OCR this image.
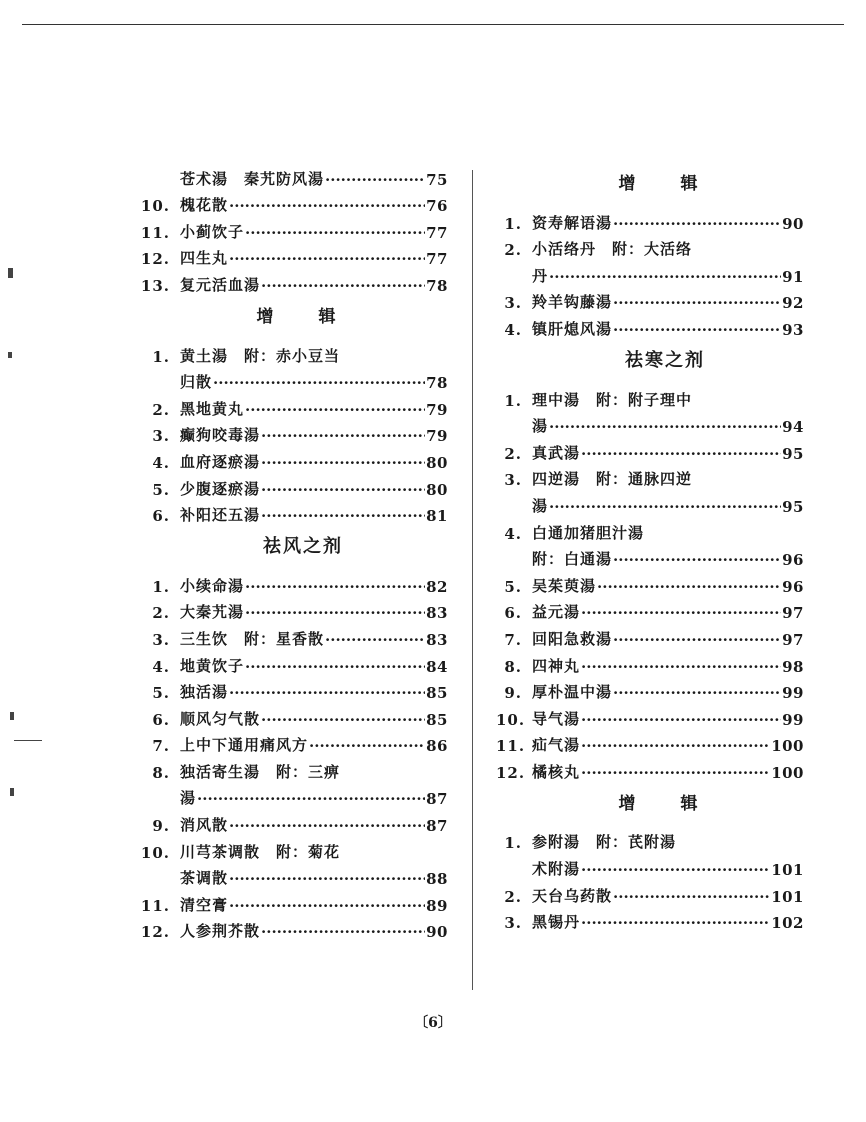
苍术湯　秦艽防风湯 ·····	75
10. 槐花散 ·····	76
11. 小蓟饮子 ·····	77
12. 四生丸 ·····	77
13. 复元活血湯 ·····	78
增　辑
1. 黄土湯　附：赤小豆当
归散 ·····	78
2. 黑地黄丸 ·····	79
3. 癫狗咬毒湯 ·····	79
4. 血府逐瘀湯 ·····	80
5. 少腹逐瘀湯 ·····	80
6. 补阳还五湯 ·····	81
祛风之剂
1. 小续命湯 ·····	82
2. 大秦艽湯 ·····	83
3. 三生饮　附：星香散 ·····	83
4. 地黄饮子 ·····	84
5. 独活湯 ·····	85
6. 顺风匀气散 ·····	85
7. 上中下通用痛风方 ·····	86
8. 独活寄生湯　附：三痹
湯 ·····	87
9. 消风散 ·····	87
10. 川芎茶调散　附：菊花
茶调散 ·····	88
11. 清空膏 ·····	89
12. 人参荆芥散 ·····	90
增　辑
1. 资寿解语湯 ·····	90
2. 小活络丹　附：大活络
丹 ·····	91
3. 羚羊钩藤湯 ·····	92
4. 镇肝熄风湯 ·····	93
祛寒之剂
1. 理中湯　附：附子理中
湯 ·····	94
2. 真武湯 ·····	95
3. 四逆湯　附：通脉四逆
湯 ·····	95
4. 白通加猪胆汁湯
附：白通湯 ·····	96
5. 吴茱萸湯 ·····	96
6. 益元湯 ·····	97
7. 回阳急救湯 ·····	97
8. 四神丸 ·····	98
9. 厚朴温中湯 ·····	99
10. 导气湯 ·····	99
11. 疝气湯 ·····	100
12. 橘核丸 ·····	100
增　辑
1. 参附湯　附：芪附湯
术附湯 ·····	101
2. 天台乌药散 ·····	101
3. 黑锡丹 ·····	102
〔6〕
